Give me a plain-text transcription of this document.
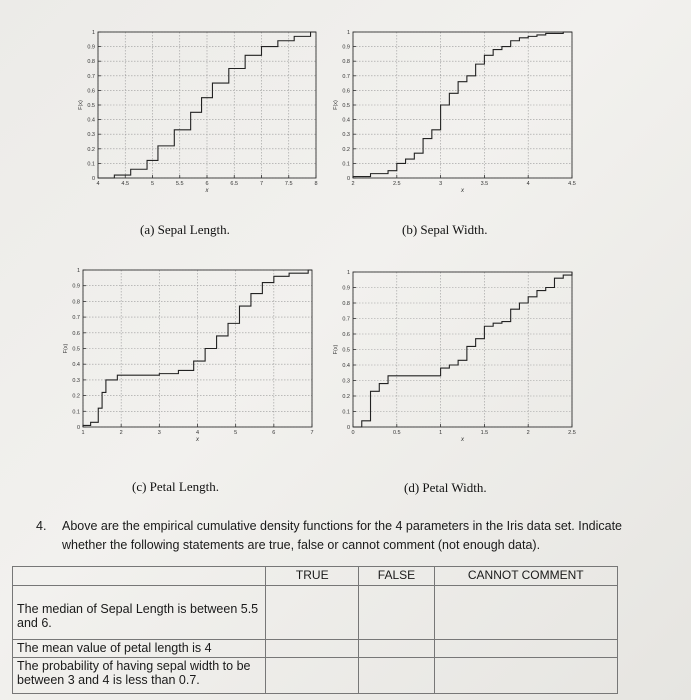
0
0.1
0.2
0.3
0.4
0.5
0.6
0.7
0.8
0.9
1
4	4.5	5	5.5	6	6.5	7	7.5	8
x
F(x)
0
0.1
0.2
0.3
0.4
0.5
0.6
0.7
0.8
0.9
1
2	2.5	3	3.5	4	4.5
x
F(x)
0
0.1
0.2
0.3
0.4
0.5
0.6
0.7
0.8
0.9
1
1	2	3	4	5	6	7
x
F(x)
0
0.1
0.2
0.3
0.4
0.5
0.6
0.7
0.8
0.9
1
0	0.5	1	1.5	2	2.5
x
F(x)
(a) Sepal Length.	(b) Sepal Width.
(c) Petal Length.	(d) Petal Width.
4. Above are the empirical cumulative density functions for the 4 parameters in the Iris data set. Indicate whether the following statements are true, false or cannot comment (not enough data).
	TRUE	FALSE	CANNOT COMMENT
The median of Sepal Length is between 5.5 and 6.			
The mean value of petal length is 4			
The probability of having sepal width to be between 3 and 4 is less than 0.7.			
